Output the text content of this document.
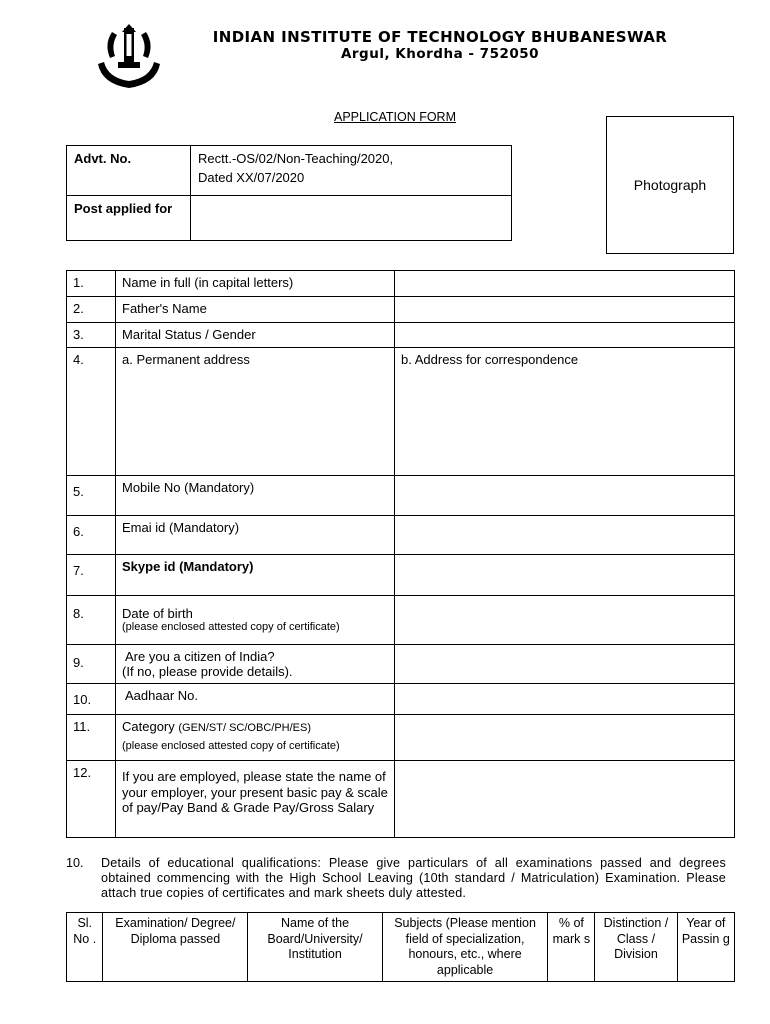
INDIAN INSTITUTE OF TECHNOLOGY BHUBANESWAR
Argul, Khordha - 752050
APPLICATION FORM
Photograph
Advt. No.	Rectt.-OS/02/Non-Teaching/2020,
Dated XX/07/2020

Post applied for	
1.	Name in full (in capital letters)	
2.	Father's Name	
3.	Marital Status / Gender	
4.	a. Permanent address	b. Address for correspondence
5.	Mobile No (Mandatory)	
6.	Emai id (Mandatory)	
7.	Skype id (Mandatory)	
8.	Date of birth
(please enclosed attested copy of certificate)	

9.	Are you a citizen of India?
(If no, please provide details).	

10.	Aadhaar No.	

11.	Category (GEN/ST/ SC/OBC/PH/ES)
(please enclosed attested copy of certificate)	

12.	If you are employed, please state the name of your employer, your present basic pay & scale of pay/Pay Band & Grade Pay/Gross Salary	
10. Details of educational qualifications: Please give particulars of all examinations passed and degrees obtained commencing with the High School Leaving (10th standard / Matriculation) Examination. Please attach true copies of certificates and mark sheets duly attested.
Sl. No .	Examination/ Degree/ Diploma passed	Name of the Board/University/ Institution	Subjects (Please mention field of specialization, honours, etc., where applicable	% of mark s	Distinction / Class / Division	Year of Passin g
